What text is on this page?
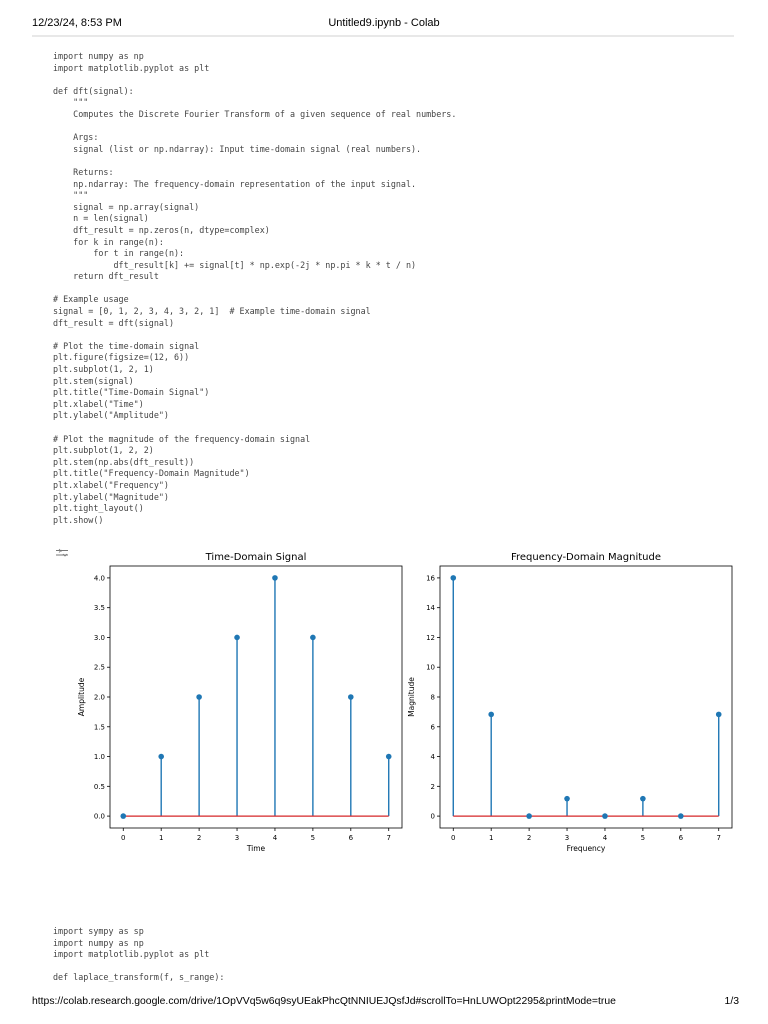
12/23/24, 8:53 PM	Untitled9.ipynb - Colab
import numpy as np
import matplotlib.pyplot as plt

def dft(signal):
"""
Computes the Discrete Fourier Transform of a given sequence of real numbers.

Args:
signal (list or np.ndarray): Input time-domain signal (real numbers).

Returns:
np.ndarray: The frequency-domain representation of the input signal.
"""
signal = np.array(signal)
n = len(signal)
dft_result = np.zeros(n, dtype=complex)
for k in range(n):
for t in range(n):
dft_result[k] += signal[t] * np.exp(-2j * np.pi * k * t / n)
return dft_result

# Example usage
signal = [0, 1, 2, 3, 4, 3, 2, 1]  # Example time-domain signal
dft_result = dft(signal)

# Plot the time-domain signal
plt.figure(figsize=(12, 6))
plt.subplot(1, 2, 1)
plt.stem(signal)
plt.title("Time-Domain Signal")
plt.xlabel("Time")
plt.ylabel("Amplitude")

# Plot the magnitude of the frequency-domain signal
plt.subplot(1, 2, 2)
plt.stem(np.abs(dft_result))
plt.title("Frequency-Domain Magnitude")
plt.xlabel("Frequency")
plt.ylabel("Magnitude")
plt.tight_layout()
plt.show()
Time-Domain Signal
0.0
0.5
1.0
1.5
2.0
2.5
3.0
3.5
4.0
0	1	2	3	4	5	6	7
Time
Amplitude
Frequency-Domain Magnitude
0
2
4
6
8
10
12
14
16
0	1	2	3	4	5	6	7
Frequency
Magnitude
import sympy as sp
import numpy as np
import matplotlib.pyplot as plt

def laplace_transform(f, s_range):
https://colab.research.google.com/drive/1OpVVq5w6q9syUEakPhcQtNNIUEJQsfJd#scrollTo=HnLUWOpt2295&printMode=true	1/3
